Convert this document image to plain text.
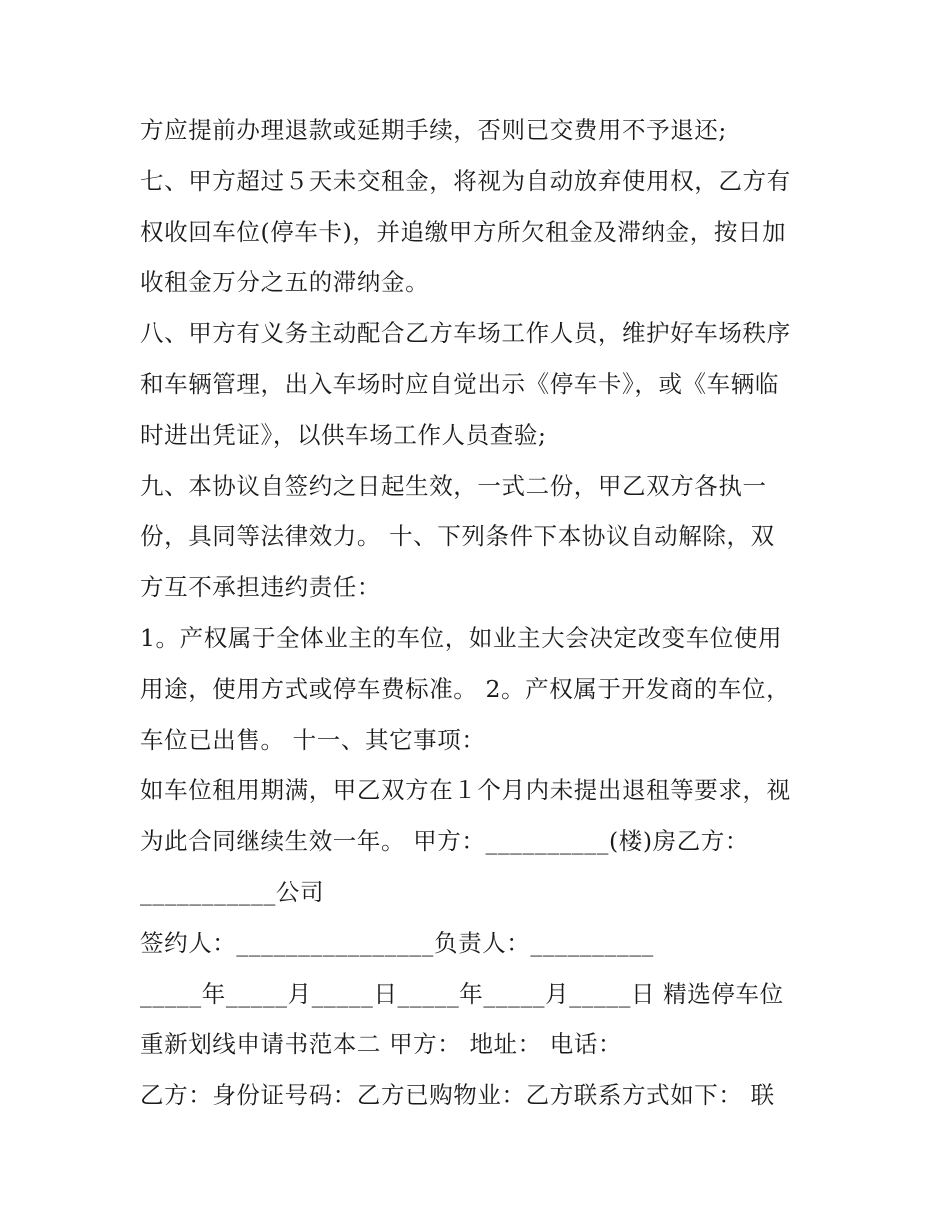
方应提前办理退款或延期手续，否则已交费用不予退还;
七、甲方超过５天未交租金，将视为自动放弃使用权，乙方有
权收回车位(停车卡)，并追缴甲方所欠租金及滞纳金，按日加
收租金万分之五的滞纳金。
八、甲方有义务主动配合乙方车场工作人员，维护好车场秩序
和车辆管理，出入车场时应自觉出示《停车卡》，或《车辆临
时进出凭证》，以供车场工作人员查验;
九、本协议自签约之日起生效，一式二份，甲乙双方各执一
份，具同等法律效力。 十、下列条件下本协议自动解除，双
方互不承担违约责任：
1。产权属于全体业主的车位，如业主大会决定改变车位使用
用途，使用方式或停车费标准。 2。产权属于开发商的车位，
车位已出售。 十一、其它事项：
如车位租用期满，甲乙双方在１个月内未提出退租等要求，视
为此合同继续生效一年。 甲方：__________(楼)房乙方：
___________公司
签约人：________________负责人：__________
_____年_____月_____日_____年_____月_____日 精选停车位
重新划线申请书范本二 甲方： 地址： 电话：
乙方：身份证号码：乙方已购物业：乙方联系方式如下： 联
